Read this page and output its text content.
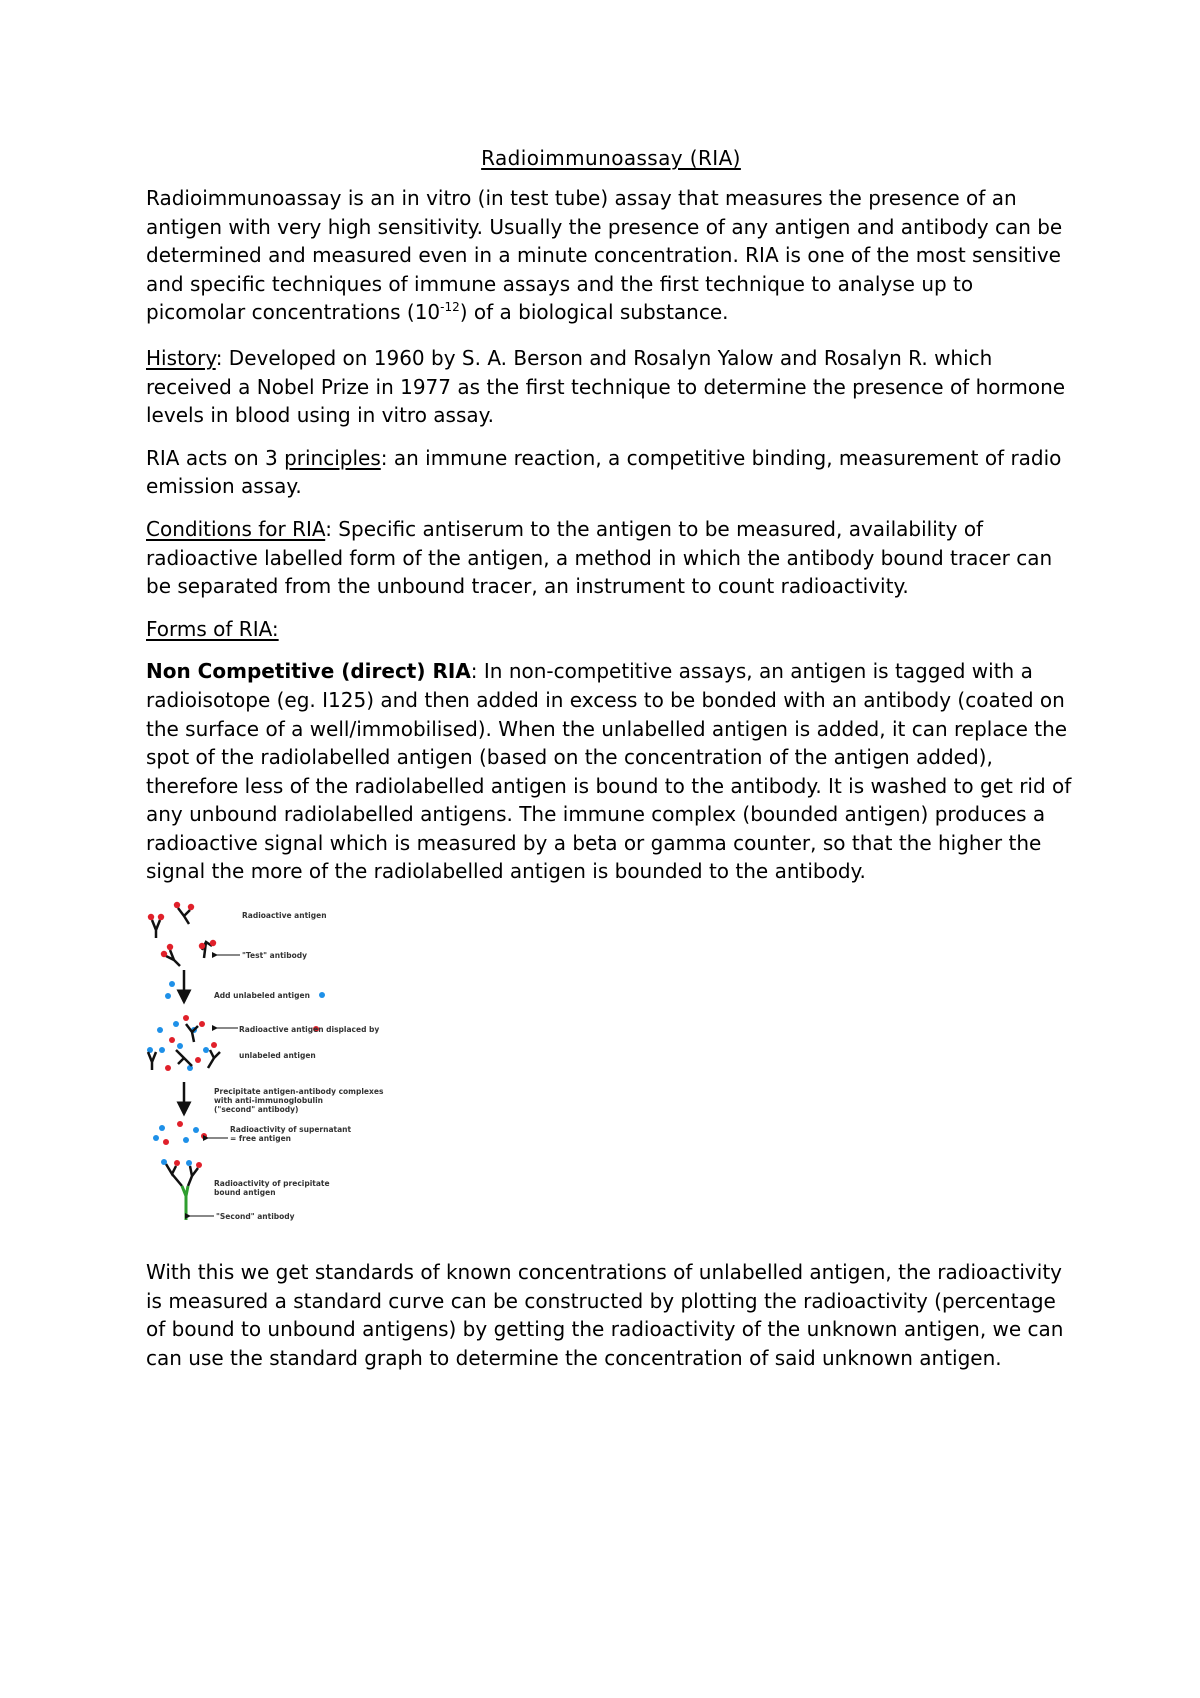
Radioimmunoassay (RIA)

Radioimmunoassay is an in vitro (in test tube) assay that measures the presence of an antigen with very high sensitivity. Usually the presence of any antigen and antibody can be determined and measured even in a minute concentration. RIA is one of the most sensitive and specific techniques of immune assays and the first technique to analyse up to picomolar concentrations $(10^{-12})$ of a biological substance.

History: Developed on 1960 by S. A. Berson and Rosalyn Yalow and Rosalyn R. which received a Nobel Prize in 1977 as the first technique to determine the presence of hormone levels in blood using in vitro assay.

RIA acts on 3 principles: an immune reaction, a competitive binding, measurement of radio emission assay.

Conditions for RIA: Specific antiserum to the antigen to be measured, availability of radioactive labelled form of the antigen, a method in which the antibody bound tracer can be separated from the unbound tracer, an instrument to count radioactivity.

Forms of RIA:

Non Competitive (direct) RIA: In non-competitive assays, an antigen is tagged with a radioisotope (eg. I125) and then added in excess to be bonded with an antibody (coated on the surface of a well/immobilised). When the unlabelled antigen is added, it can replace the spot of the radiolabelled antigen (based on the concentration of the antigen added), therefore less of the radiolabelled antigen is bound to the antibody. It is washed to get rid of any unbound radiolabelled antigens. The immune complex (bounded antigen) produces a radioactive signal which is measured by a beta or gamma counter, so that the higher the signal the more of the radiolabelled antigen is bounded to the antibody.

Radioactive antigen
"Test" antibody
Add unlabeled antigen
Radioactive antigen displaced by
unlabeled antigen
Precipitate antigen-antibody complexes
with anti-immunoglobulin
("second" antibody)
Radioactivity of supernatant
= free antigen
Radioactivity of precipitate
bound antigen
"Second" antibody

With this we get standards of known concentrations of unlabelled antigen, the radioactivity is measured a standard curve can be constructed by plotting the radioactivity (percentage of bound to unbound antigens) by getting the radioactivity of the unknown antigen, we can can use the standard graph to determine the concentration of said unknown antigen.
